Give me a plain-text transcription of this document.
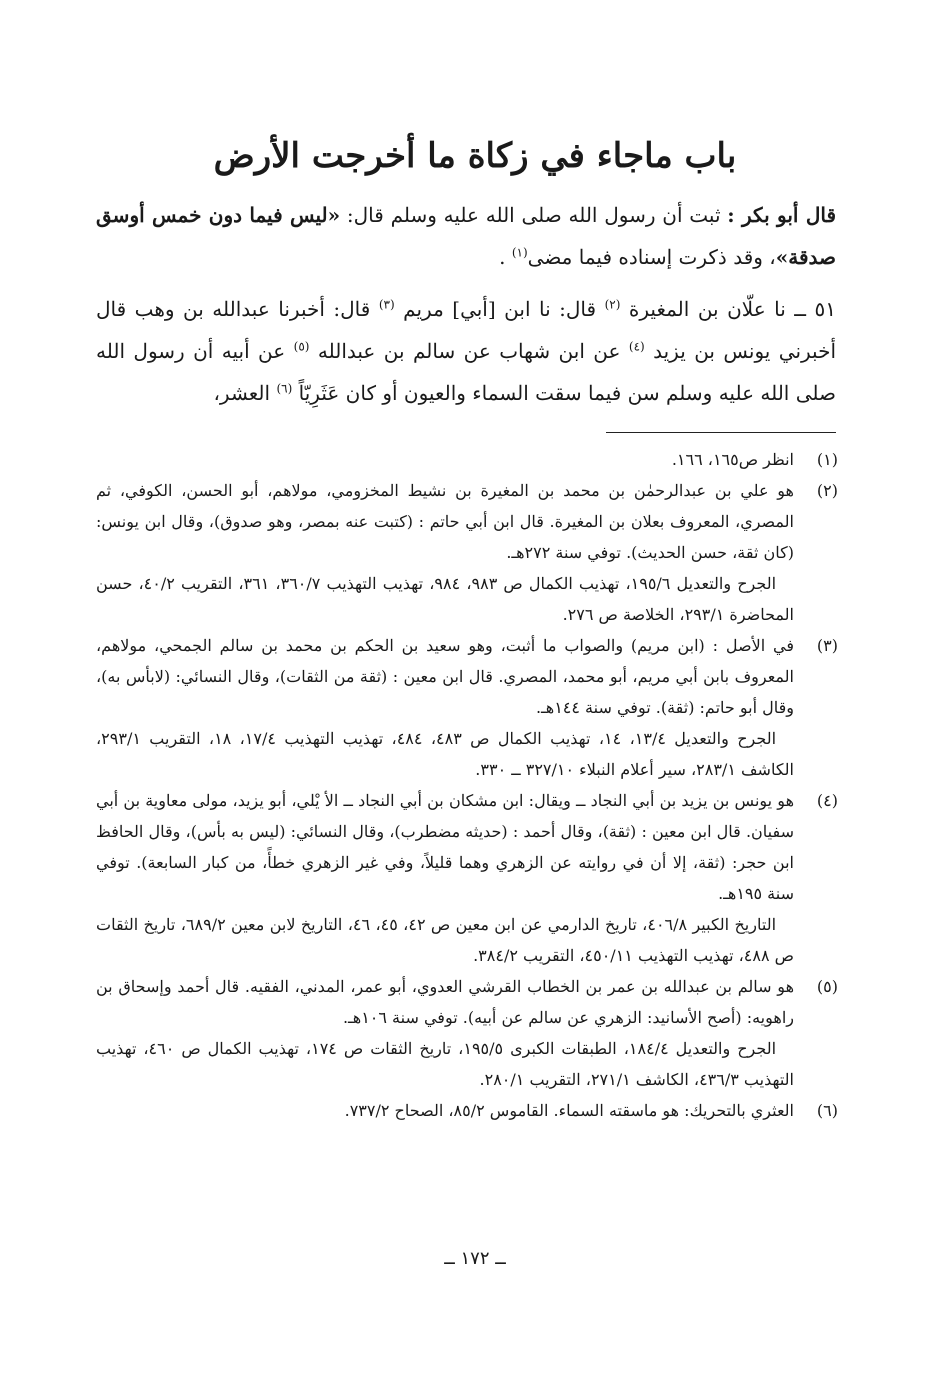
باب ماجاء في زكاة ما أخرجت الأرض
قال أبو بكر : ثبت أن رسول الله صلى الله عليه وسلم قال: «ليس فيما دون خمس أوسق صدقة»، وقد ذكرت إسناده فيما مضى$^{(١)}$ .
٥١ ــ نا علّان بن المغيرة $^{(٢)}$ قال: نا ابن [أبي] مريم $^{(٣)}$ قال: أخبرنا عبدالله بن وهب قال أخبرني يونس بن يزيد $^{(٤)}$ عن ابن شهاب عن سالم بن عبدالله $^{(٥)}$ عن أبيه أن رسول الله صلى الله عليه وسلم سن فيما سقت السماء والعيون أو كان عَثَرِيّاً $^{(٦)}$ العشر،
(١)

انظر ص١٦٥، ١٦٦.

(٢)

هو علي بن عبدالرحمٰن بن محمد بن المغيرة بن نشيط المخزومي، مولاهم، أبو الحسن، الكوفي، ثم المصري، المعروف بعلان بن المغيرة. قال ابن أبي حاتم : (كتبت عنه بمصر، وهو صدوق)، وقال ابن يونس: (كان ثقة، حسن الحديث). توفي سنة ٢٧٢هـ.

الجرح والتعديل ١٩٥/٦، تهذيب الكمال ص ٩٨٣، ٩٨٤، تهذيب التهذيب ٣٦٠/٧، ٣٦١، التقريب ٤٠/٢، حسن المحاضرة ٢٩٣/١، الخلاصة ص ٢٧٦.

(٣)

في الأصل : (ابن مريم) والصواب ما أثبت، وهو سعيد بن الحكم بن محمد بن سالم الجمحي، مولاهم، المعروف بابن أبي مريم، أبو محمد، المصري. قال ابن معين : (ثقة من الثقات)، وقال النسائي: (لابأس به)، وقال أبو حاتم: (ثقة). توفي سنة ١٤٤هـ.

الجرح والتعديل ١٣/٤، ١٤، تهذيب الكمال ص ٤٨٣، ٤٨٤، تهذيب التهذيب ١٧/٤، ١٨، التقريب ٢٩٣/١، الكاشف ٢٨٣/١، سير أعلام النبلاء ٣٢٧/١٠ ــ ٣٣٠.

(٤)

هو يونس بن يزيد بن أبي النجاد ــ ويقال: ابن مشكان بن أبي النجاد ــ الأ يْلي، أبو يزيد، مولى معاوية بن أبي سفيان. قال ابن معين : (ثقة)، وقال أحمد : (حديثه مضطرب)، وقال النسائي: (ليس به بأس)، وقال الحافظ ابن حجر: (ثقة، إلا أن في روايته عن الزهري وهما قليلاً، وفي غير الزهري خطأً، من كبار السابعة). توفي سنة ١٩٥هـ.

التاريخ الكبير ٤٠٦/٨، تاريخ الدارمي عن ابن معين ص ٤٢، ٤٥، ٤٦، التاريخ لابن معين ٦٨٩/٢، تاريخ الثقات ص ٤٨٨، تهذيب التهذيب ٤٥٠/١١، التقريب ٣٨٤/٢.

(٥)

هو سالم بن عبدالله بن عمر بن الخطاب القرشي العدوي، أبو عمر، المدني، الفقيه. قال أحمد وإسحاق بن راهويه: (أصح الأسانيد: الزهري عن سالم عن أبيه). توفي سنة ١٠٦هـ.

الجرح والتعديل ١٨٤/٤، الطبقات الكبرى ١٩٥/٥، تاريخ الثقات ص ١٧٤، تهذيب الكمال ص ٤٦٠، تهذيب التهذيب ٤٣٦/٣، الكاشف ٢٧١/١، التقريب ٢٨٠/١.

(٦)

العثري بالتحريك: هو ماسقته السماء. القاموس ٨٥/٢، الصحاح ٧٣٧/٢.

ــ ١٧٢ ــ
